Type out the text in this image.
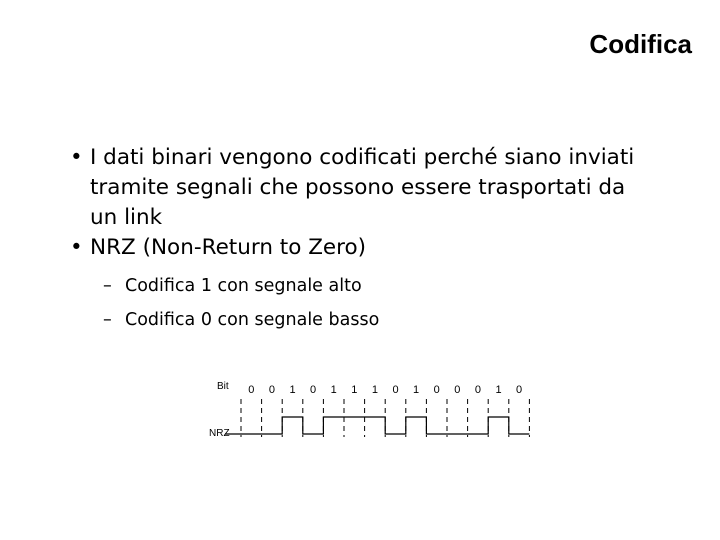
Codifica
• I dati binari vengono codificati perché siano inviati tramite segnali che possono essere trasportati da un link
• NRZ (Non-Return to Zero)
– Codifica 1 con segnale alto
– Codifica 0 con segnale basso
Bit
NRZ
0 0 1 0 1 1 1 0 1 0 0 0 1 0
